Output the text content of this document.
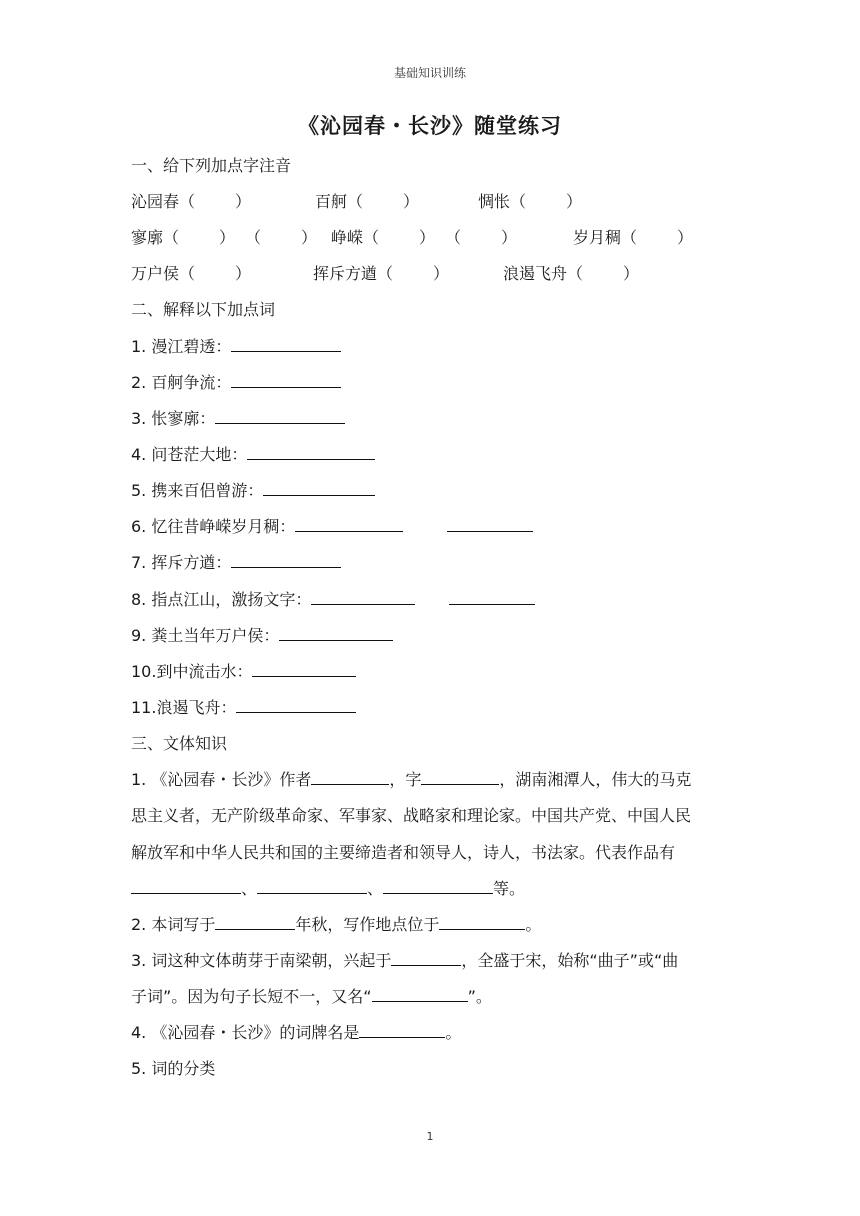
基础知识训练
《沁园春・长沙》随堂练习
一、给下列加点字注音
沁园春（	）	百舸（	）	惆怅（	）
寥廓（	） （	） 峥嵘（	） （	）	岁月稠（	）
万户侯（	）	挥斥方遒（	）	浪遏飞舟（	）
二、解释以下加点词
1. 漫江碧透：
2. 百舸争流：
3. 怅寥廓：
4. 问苍茫大地：
5. 携来百侣曾游：
6. 忆往昔峥嵘岁月稠：
7. 挥斥方遒：
8. 指点江山，激扬文字：
9. 粪土当年万户侯：
10.到中流击水：
11.浪遏飞舟：
三、文体知识
1. 《沁园春・长沙》作者	，字	，湖南湘潭人，伟大的马克
思主义者，无产阶级革命家、军事家、战略家和理论家。中国共产党、中国人民
解放军和中华人民共和国的主要缔造者和领导人，诗人，书法家。代表作品有
、	、	等。
2. 本词写于	年秋，写作地点位于	。
3. 词这种文体萌芽于南梁朝，兴起于	，全盛于宋，始称“曲子”或“曲
子词”。因为句子长短不一，又名“	”。
4. 《沁园春・长沙》的词牌名是	。
5. 词的分类
1
